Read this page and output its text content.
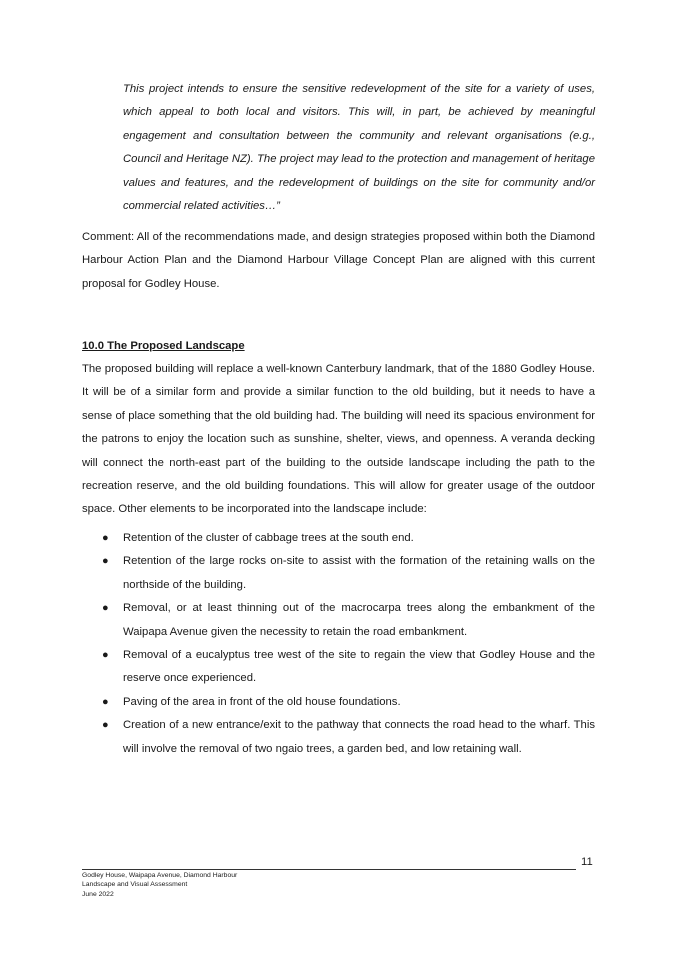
This project intends to ensure the sensitive redevelopment of the site for a variety of uses, which appeal to both local and visitors. This will, in part, be achieved by meaningful engagement and consultation between the community and relevant organisations (e.g., Council and Heritage NZ). The project may lead to the protection and management of heritage values and features, and the redevelopment of buildings on the site for community and/or commercial related activities…”

Comment: All of the recommendations made, and design strategies proposed within both the Diamond Harbour Action Plan and the Diamond Harbour Village Concept Plan are aligned with this current proposal for Godley House.

10.0 The Proposed Landscape

The proposed building will replace a well-known Canterbury landmark, that of the 1880 Godley House. It will be of a similar form and provide a similar function to the old building, but it needs to have a sense of place something that the old building had. The building will need its spacious environment for the patrons to enjoy the location such as sunshine, shelter, views, and openness. A veranda decking will connect the north-east part of the building to the outside landscape including the path to the recreation reserve, and the old building foundations. This will allow for greater usage of the outdoor space. Other elements to be incorporated into the landscape include:

● Retention of the cluster of cabbage trees at the south end.
● Retention of the large rocks on-site to assist with the formation of the retaining walls on the northside of the building.
● Removal, or at least thinning out of the macrocarpa trees along the embankment of the Waipapa Avenue given the necessity to retain the road embankment.
● Removal of a eucalyptus tree west of the site to regain the view that Godley House and the reserve once experienced.
● Paving of the area in front of the old house foundations.
● Creation of a new entrance/exit to the pathway that connects the road head to the wharf. This will involve the removal of two ngaio trees, a garden bed, and low retaining wall.
11
Godley House, Waipapa Avenue, Diamond Harbour
Landscape and Visual Assessment
June 2022
